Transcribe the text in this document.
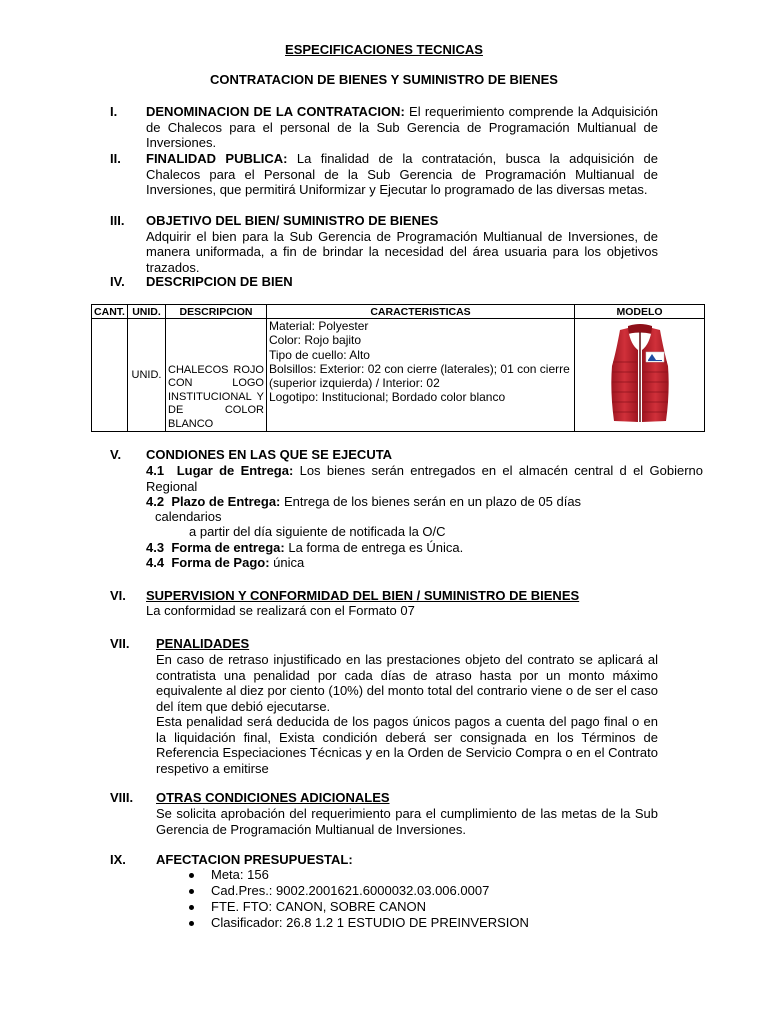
ESPECIFICACIONES TECNICAS
CONTRATACION DE BIENES Y SUMINISTRO DE BIENES
I. DENOMINACION DE LA CONTRATACION: El requerimiento comprende la Adquisición de Chalecos para el personal de la Sub Gerencia de Programación Multianual de Inversiones.
II. FINALIDAD PUBLICA: La finalidad de la contratación, busca la adquisición de Chalecos para el Personal de la Sub Gerencia de Programación Multianual de Inversiones, que permitirá Uniformizar y Ejecutar lo programado de las diversas metas.
III. OBJETIVO DEL BIEN/ SUMINISTRO DE BIENES
Adquirir el bien para la Sub Gerencia de Programación Multianual de Inversiones, de manera uniformada, a fin de brindar la necesidad del área usuaria para los objetivos trazados.
IV. DESCRIPCION DE BIEN
CANT.	UNID.	DESCRIPCION	CARACTERISTICAS	MODELO
	UNID.	CHALECOS ROJO CON LOGO INSTITUCIONAL Y DE COLOR BLANCO	Material: Polyester
Color: Rojo bajito
Tipo de cuello: Alto
Bolsillos: Exterior: 02 con cierre (laterales); 01 con cierre (superior izquierda) / Interior: 02
Logotipo: Institucional; Bordado color blanco

V. CONDIONES EN LAS QUE SE EJECUTA
4.1 Lugar de Entrega: Los bienes serán entregados en el almacén central d el Gobierno Regional
4.2 Plazo de Entrega: Entrega de los bienes serán en un plazo de 05 días
calendarios
a partir del día siguiente de notificada la O/C
4.3 Forma de entrega: La forma de entrega es Única.
4.4 Forma de Pago: única
VI. SUPERVISION Y CONFORMIDAD DEL BIEN / SUMINISTRO DE BIENES
La conformidad se realizará con el Formato 07
VII. PENALIDADES
En caso de retraso injustificado en las prestaciones objeto del contrato se aplicará al contratista una penalidad por cada días de atraso hasta por un monto máximo equivalente al diez por ciento (10%) del monto total del contrario viene o de ser el caso del ítem que debió ejecutarse.
Esta penalidad será deducida de los pagos únicos pagos a cuenta del pago final o en la liquidación final, Exista condición deberá ser consignada en los Términos de Referencia Especiaciones Técnicas y en la Orden de Servicio Compra o en el Contrato respetivo a emitirse
VIII. OTRAS CONDICIONES ADICIONALES
Se solicita aprobación del requerimiento para el cumplimiento de las metas de la Sub Gerencia de Programación Multianual de Inversiones.
IX. AFECTACION PRESUPUESTAL:
Meta: 156
Cad.Pres.: 9002.2001621.6000032.03.006.0007
FTE. FTO: CANON, SOBRE CANON
Clasificador: 26.8 1.2 1 ESTUDIO DE PREINVERSION
